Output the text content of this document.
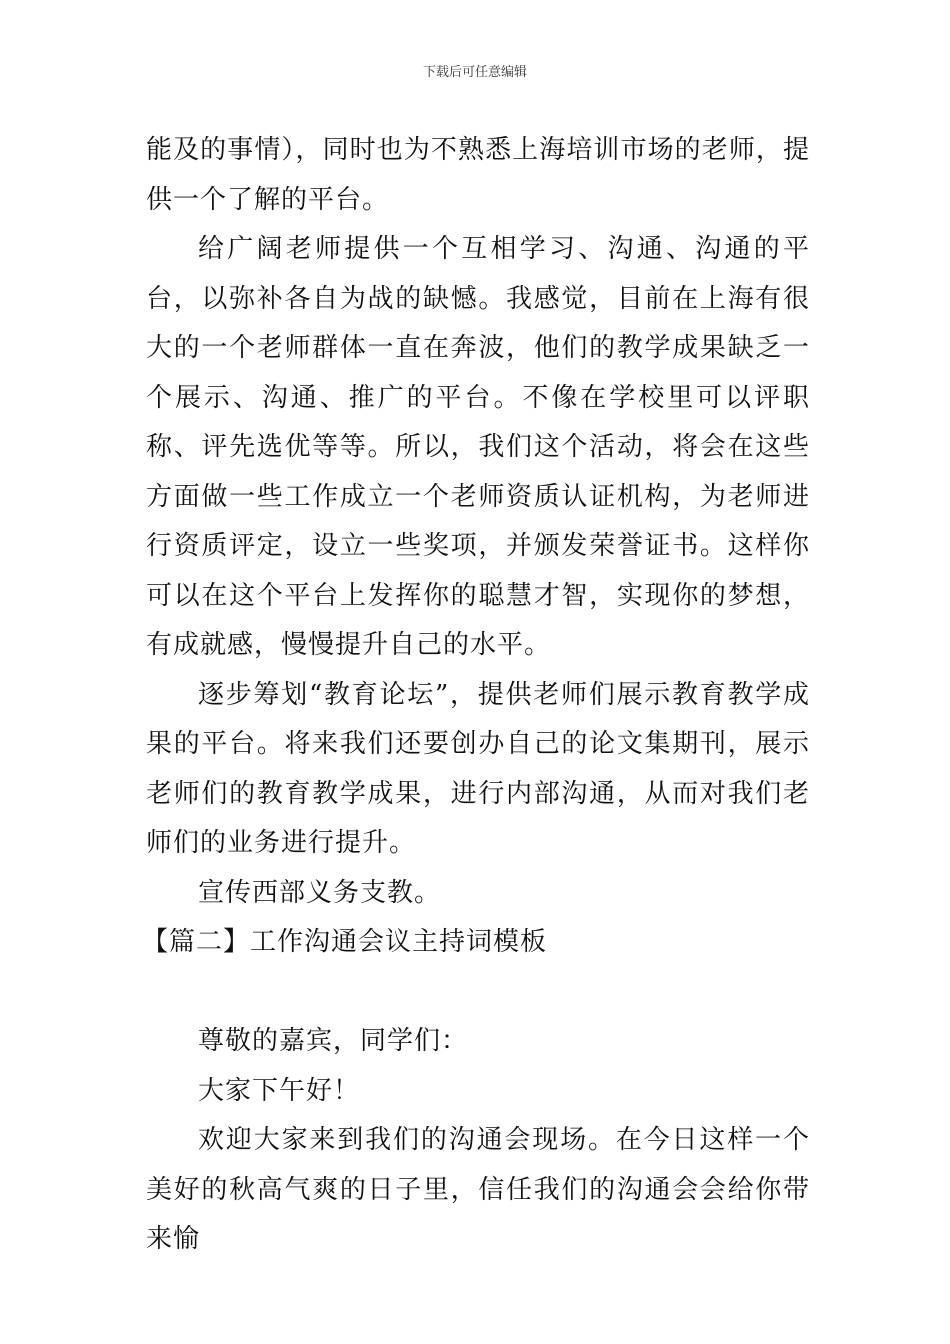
下载后可任意编辑

能及的事情），同时也为不熟悉上海培训市场的老师，提供一个了解的平台。

给广阔老师提供一个互相学习、沟通、沟通的平台，以弥补各自为战的缺憾。我感觉，目前在上海有很大的一个老师群体一直在奔波，他们的教学成果缺乏一个展示、沟通、推广的平台。不像在学校里可以评职称、评先选优等等。所以，我们这个活动，将会在这些方面做一些工作成立一个老师资质认证机构，为老师进行资质评定，设立一些奖项，并颁发荣誉证书。这样你可以在这个平台上发挥你的聪慧才智，实现你的梦想，有成就感，慢慢提升自己的水平。

逐步筹划“教育论坛”，提供老师们展示教育教学成果的平台。将来我们还要创办自己的论文集期刊，展示老师们的教育教学成果，进行内部沟通，从而对我们老师们的业务进行提升。

宣传西部义务支教。

【篇二】工作沟通会议主持词模板

尊敬的嘉宾，同学们：

大家下午好！

欢迎大家来到我们的沟通会现场。在今日这样一个美好的秋高气爽的日子里，信任我们的沟通会会给你带来愉
